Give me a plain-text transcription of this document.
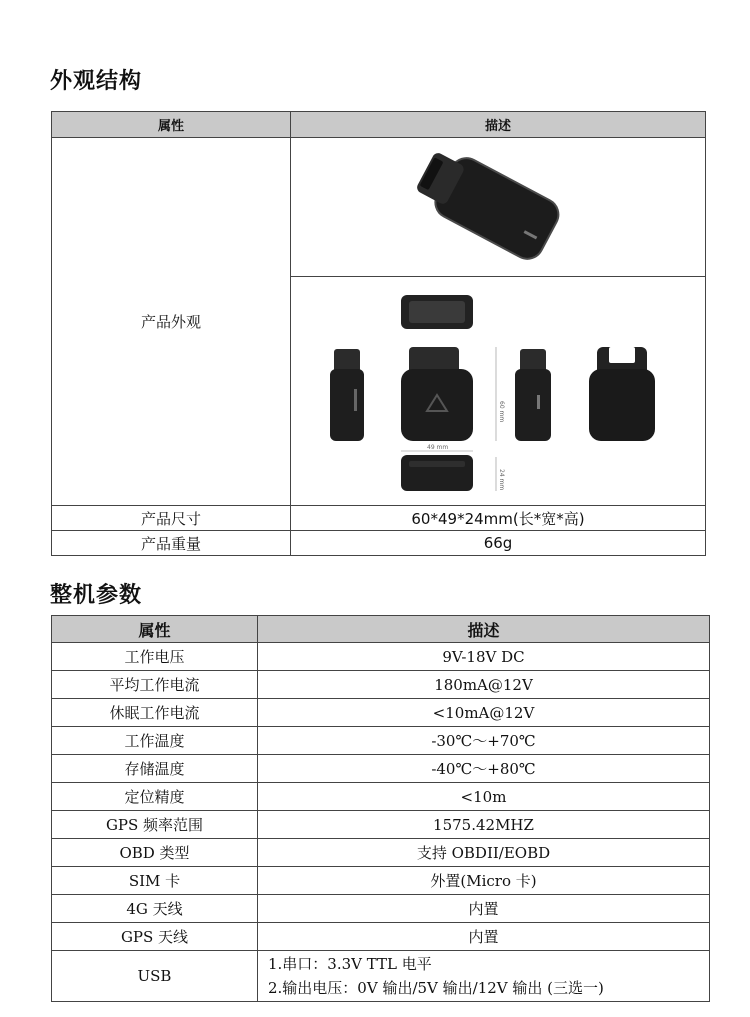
外观结构
属性	描述
产品外观	

60 mm
49 mm
24 mm

产品尺寸	60*49*24mm(长*宽*高)
产品重量	66g
整机参数
属性	描述
工作电压	9V-18V DC
平均工作电流	180mA@12V
休眠工作电流	<10mA@12V
工作温度	-30℃～+70℃
存储温度	-40℃～+80℃
定位精度	<10m
GPS 频率范围	1575.42MHZ
OBD 类型	支持 OBDII/EOBD
SIM 卡	外置(Micro 卡)
4G 天线	内置
GPS 天线	内置
USB	1.串口：3.3V TTL 电平
2.输出电压：0V 输出/5V 输出/12V 输出 (三选一)
